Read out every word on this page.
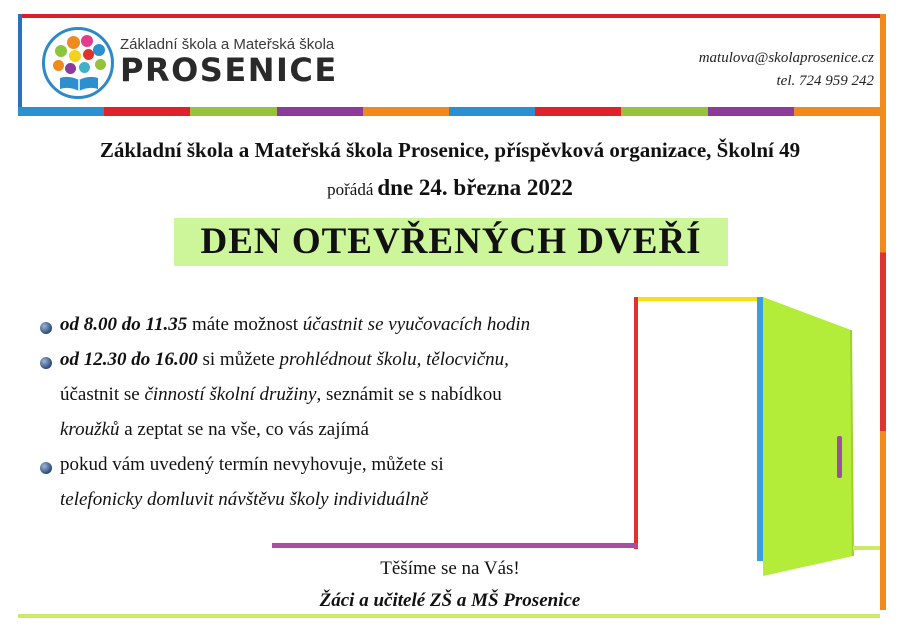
Základní škola a Mateřská škola
PROSENICE	matulova@skolaprosenice.cz
tel. 724 959 242
Základní škola a Mateřská škola Prosenice, příspěvková organizace, Školní 49
pořádá dne 24. března 2022
DEN OTEVŘENÝCH DVEŘÍ
od 8.00 do 11.35 máte možnost účastnit se vyučovacích hodin
od 12.30 do 16.00 si můžete prohlédnout školu, tělocvičnu,
účastnit se činností školní družiny, seznámit se s nabídkou
kroužků a zeptat se na vše, co vás zajímá
pokud vám uvedený termín nevyhovuje, můžete si
telefonicky domluvit návštěvu školy individuálně
Těšíme se na Vás!
Žáci a učitelé ZŠ a MŠ Prosenice
